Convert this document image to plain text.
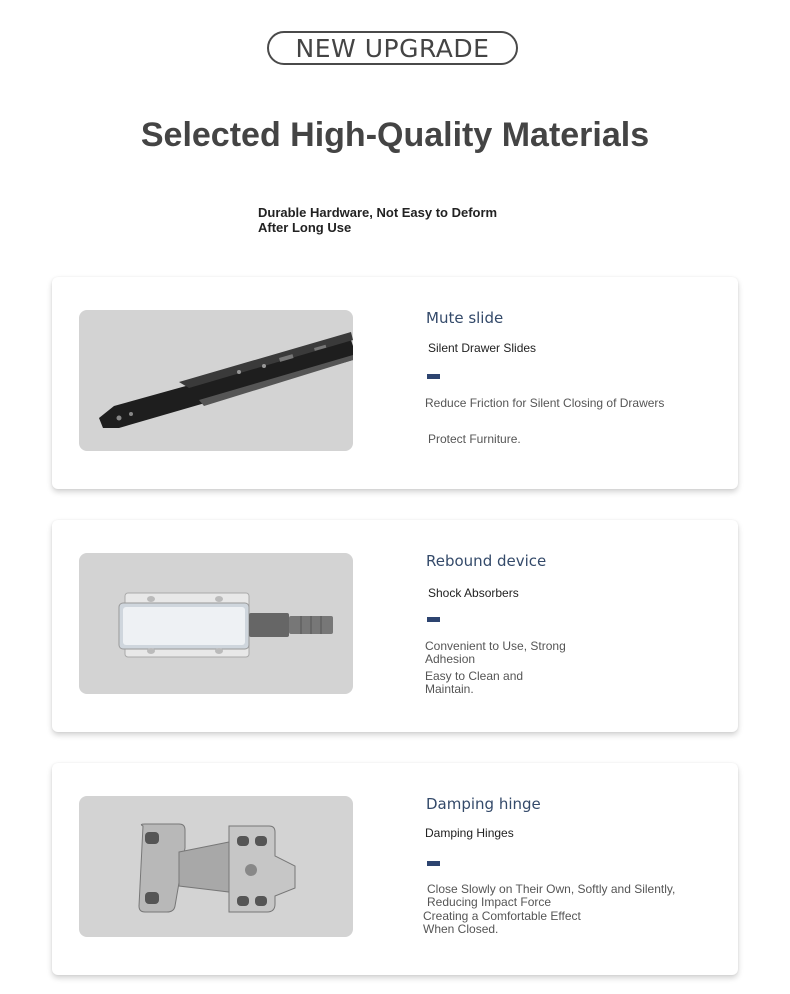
NEW UPGRADE
Selected High-Quality Materials
Durable Hardware, Not Easy to Deform After Long Use
Mute slide
Silent Drawer Slides
Reduce Friction for Silent Closing of Drawers
Protect Furniture.
Rebound device
Shock Absorbers
Convenient to Use, Strong Adhesion
Easy to Clean and Maintain.
Damping hinge
Damping Hinges
Close Slowly on Their Own, Softly and Silently, Reducing Impact Force
Creating a Comfortable Effect When Closed.
